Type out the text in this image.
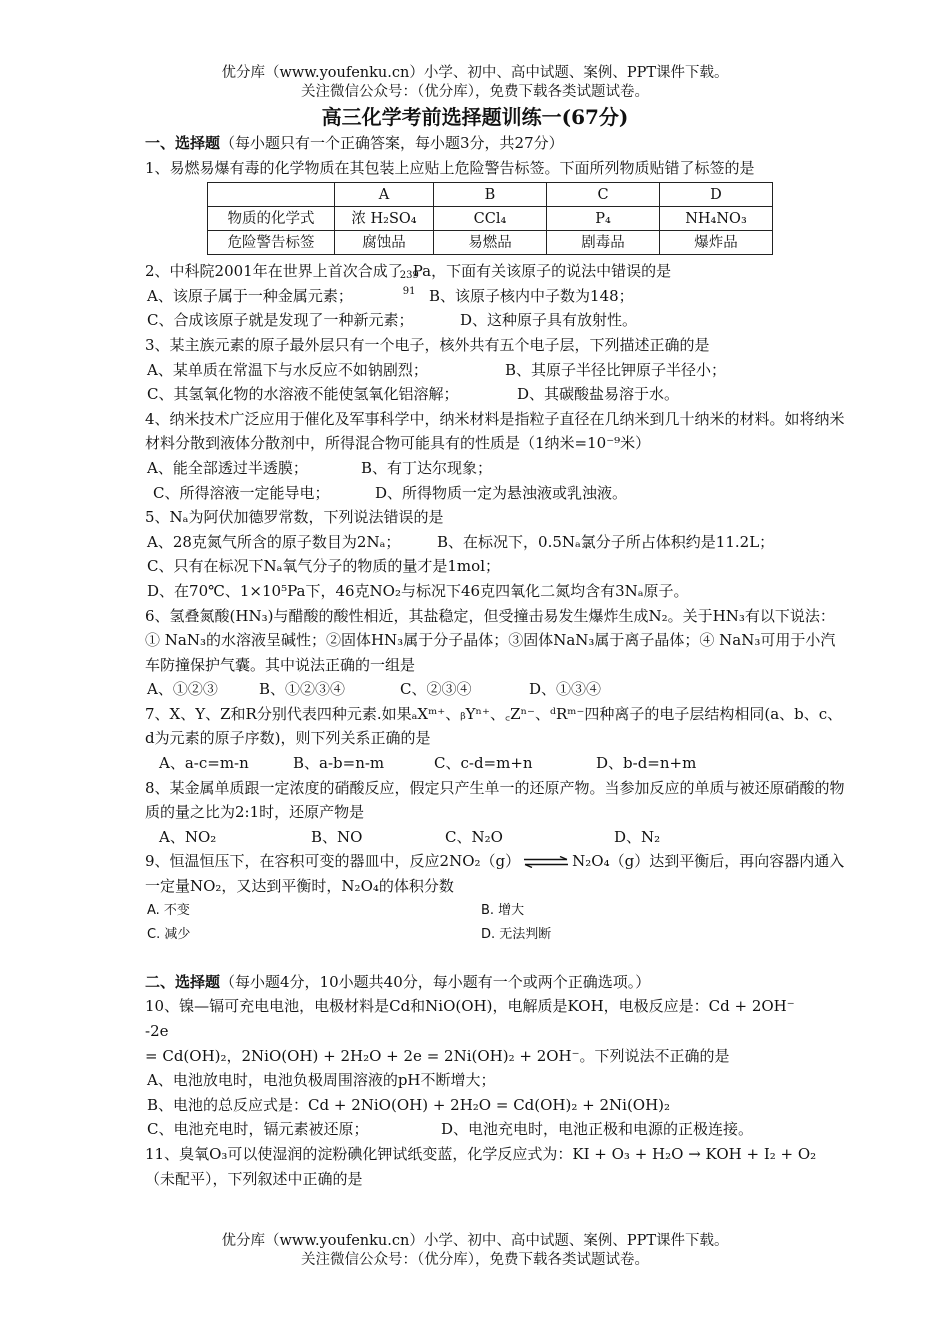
优分库（www.youfenku.cn）小学、初中、高中试题、案例、PPT课件下载。
关注微信公众号：（优分库），免费下载各类试题试卷。
高三化学考前选择题训练一(67分)

一、选择题（每小题只有一个正确答案，每小题3分，共27分）

1、易燃易爆有毒的化学物质在其包装上应贴上危险警告标签。下面所列物质贴错了标签的是

	A	B	C	D
物质的化学式	浓 H₂SO₄	CCl₄	P₄	NH₄NO₃
危险警告标签	腐蚀品	易燃品	剧毒品	爆炸品

2、中科院2001年在世界上首次合成了
239
91
Pa，下面有关该原子的说法中错误的是

A、该原子属于一种金属元素；	B、该原子核内中子数为148；

C、合成该原子就是发现了一种新元素；	D、这种原子具有放射性。

3、某主族元素的原子最外层只有一个电子，核外共有五个电子层，下列描述正确的是

A、某单质在常温下与水反应不如钠剧烈；	B、其原子半径比钾原子半径小；

C、其氢氧化物的水溶液不能使氢氧化铝溶解；	D、其碳酸盐易溶于水。

4、纳米技术广泛应用于催化及军事科学中，纳米材料是指粒子直径在几纳米到几十纳米的材料。如将纳米材料分散到液体分散剂中，所得混合物可能具有的性质是（1纳米=10⁻⁹米）

A、能全部透过半透膜；	B、有丁达尔现象；

C、所得溶液一定能导电；	D、所得物质一定为悬浊液或乳浊液。

5、Nₐ为阿伏加德罗常数，下列说法错误的是

A、28克氮气所含的原子数目为2Nₐ； B、在标况下，0.5Nₐ氯分子所占体积约是11.2L；

C、只有在标况下Nₐ氧气分子的物质的量才是1mol；

D、在70℃、1×10⁵Pa下，46克NO₂与标况下46克四氧化二氮均含有3Nₐ原子。

6、氢叠氮酸(HN₃)与醋酸的酸性相近，其盐稳定，但受撞击易发生爆炸生成N₂。关于HN₃有以下说法：① NaN₃的水溶液呈碱性；②固体HN₃属于分子晶体；③固体NaN₃属于离子晶体；④ NaN₃可用于小汽车防撞保护气囊。其中说法正确的一组是

A、①②③	B、①②③④	C、②③④	D、①③④

7、X、Y、Z和R分别代表四种元素.如果ₐXᵐ⁺、ᵦYⁿ⁺、꜀Zⁿ⁻、ᵈRᵐ⁻四种离子的电子层结构相同(a、b、c、d为元素的原子序数)，则下列关系正确的是

A、a-c=m-n	B、a-b=n-m	C、c-d=m+n	D、b-d=n+m

8、某金属单质跟一定浓度的硝酸反应，假定只产生单一的还原产物。当参加反应的单质与被还原硝酸的物质的量之比为2:1时，还原产物是

A、NO₂	B、NO	C、N₂O	D、N₂

9、恒温恒压下，在容积可变的器皿中，反应2NO₂（g） ⇌ N₂O₄（g）达到平衡后，再向容器内通入一定量NO₂，又达到平衡时，N₂O₄的体积分数

A. 不变	B. 增大

C. 减少	D. 无法判断

二、选择题（每小题4分，10小题共40分，每小题有一个或两个正确选项。）

10、镍—镉可充电电池，电极材料是Cd和NiO(OH)，电解质是KOH，电极反应是：Cd + 2OH⁻

-2e

= Cd(OH)₂，2NiO(OH) + 2H₂O + 2e = 2Ni(OH)₂ + 2OH⁻。下列说法不正确的是

A、电池放电时，电池负极周围溶液的pH不断增大；

B、电池的总反应式是：Cd + 2NiO(OH) + 2H₂O = Cd(OH)₂ + 2Ni(OH)₂

C、电池充电时，镉元素被还原；	D、电池充电时，电池正极和电源的正极连接。

11、臭氧O₃可以使湿润的淀粉碘化钾试纸变蓝，化学反应式为：KI + O₃ + H₂O → KOH + I₂ + O₂（未配平），下列叙述中正确的是

优分库（www.youfenku.cn）小学、初中、高中试题、案例、PPT课件下载。
关注微信公众号：（优分库），免费下载各类试题试卷。
